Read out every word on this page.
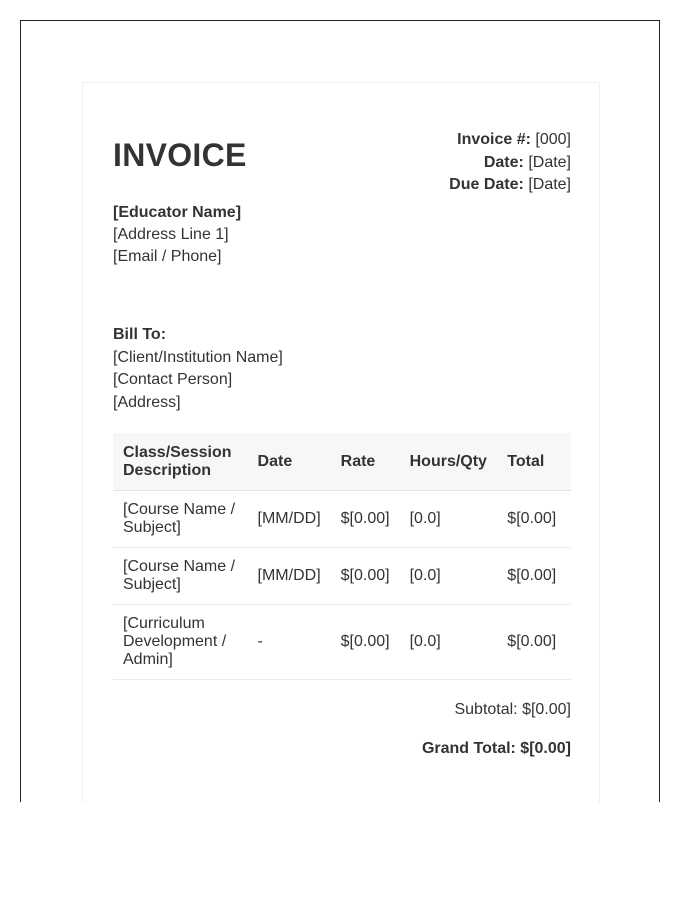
INVOICE	Invoice #: [000]
Date: [Date]
Due Date: [Date]
[Educator Name]
[Address Line 1]
[Email / Phone]
Bill To:
[Client/Institution Name]
[Contact Person]
[Address]
Class/Session Description	Date	Rate	Hours/Qty	Total
[Course Name / Subject]	[MM/DD]	$[0.00]	[0.0]	$[0.00]
[Course Name / Subject]	[MM/DD]	$[0.00]	[0.0]	$[0.00]
[Curriculum Development / Admin]	-	$[0.00]	[0.0]	$[0.00]
Subtotal: $[0.00]
Grand Total: $[0.00]
